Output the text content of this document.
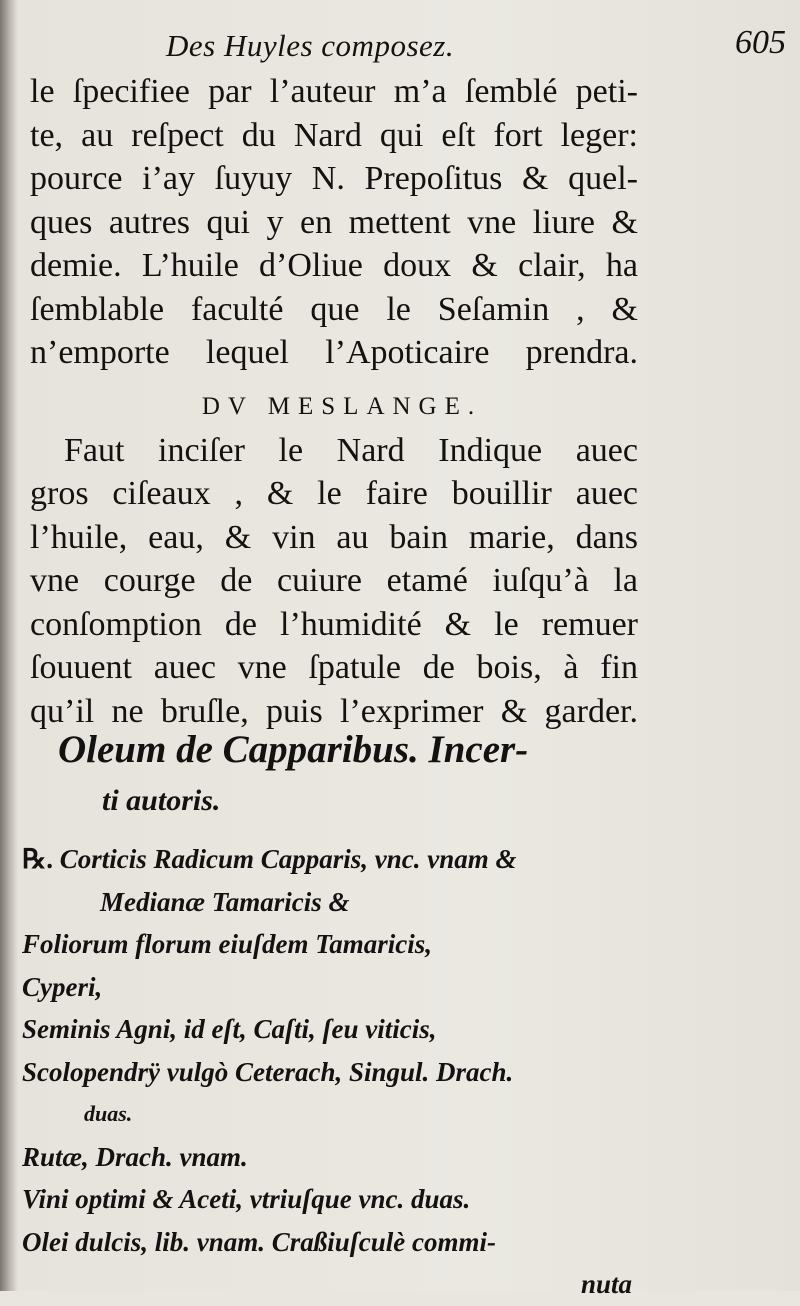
Des Huyles composez.	605
le ſpecifiee par l’auteur m’a ſemblé peti-
te, au reſpect du Nard qui eſt fort leger:
pource i’ay ſuyuy N. Prepoſitus & quel-
ques autres qui y en mettent vne liure &
demie. L’huile d’Oliue doux & clair, ha
ſemblable faculté que le Seſamin , &
n’emporte lequel l’Apoticaire prendra.
DV MESLANGE.
Faut inciſer le Nard Indique auec
gros ciſeaux , & le faire bouillir auec
l’huile, eau, & vin au bain marie, dans
vne courge de cuiure etamé iuſqu’à la
conſomption de l’humidité & le remuer
ſouuent auec vne ſpatule de bois, à fin
qu’il ne bruſle, puis l’exprimer & garder.
Oleum de Capparibus. Incer-
ti autoris.
℞. Corticis Radicum Capparis, vnc. vnam &
Medianæ Tamaricis &
Foliorum florum eiuſdem Tamaricis,
Cyperi,
Seminis Agni, id eſt, Caſti, ſeu viticis,
Scolopendrÿ vulgò Ceterach, Singul. Drach.
duas.
Rutæ, Drach. vnam.
Vini optimi & Aceti, vtriuſque vnc. duas.
Olei dulcis, lib. vnam. Craßiuſculè commi-
nuta
